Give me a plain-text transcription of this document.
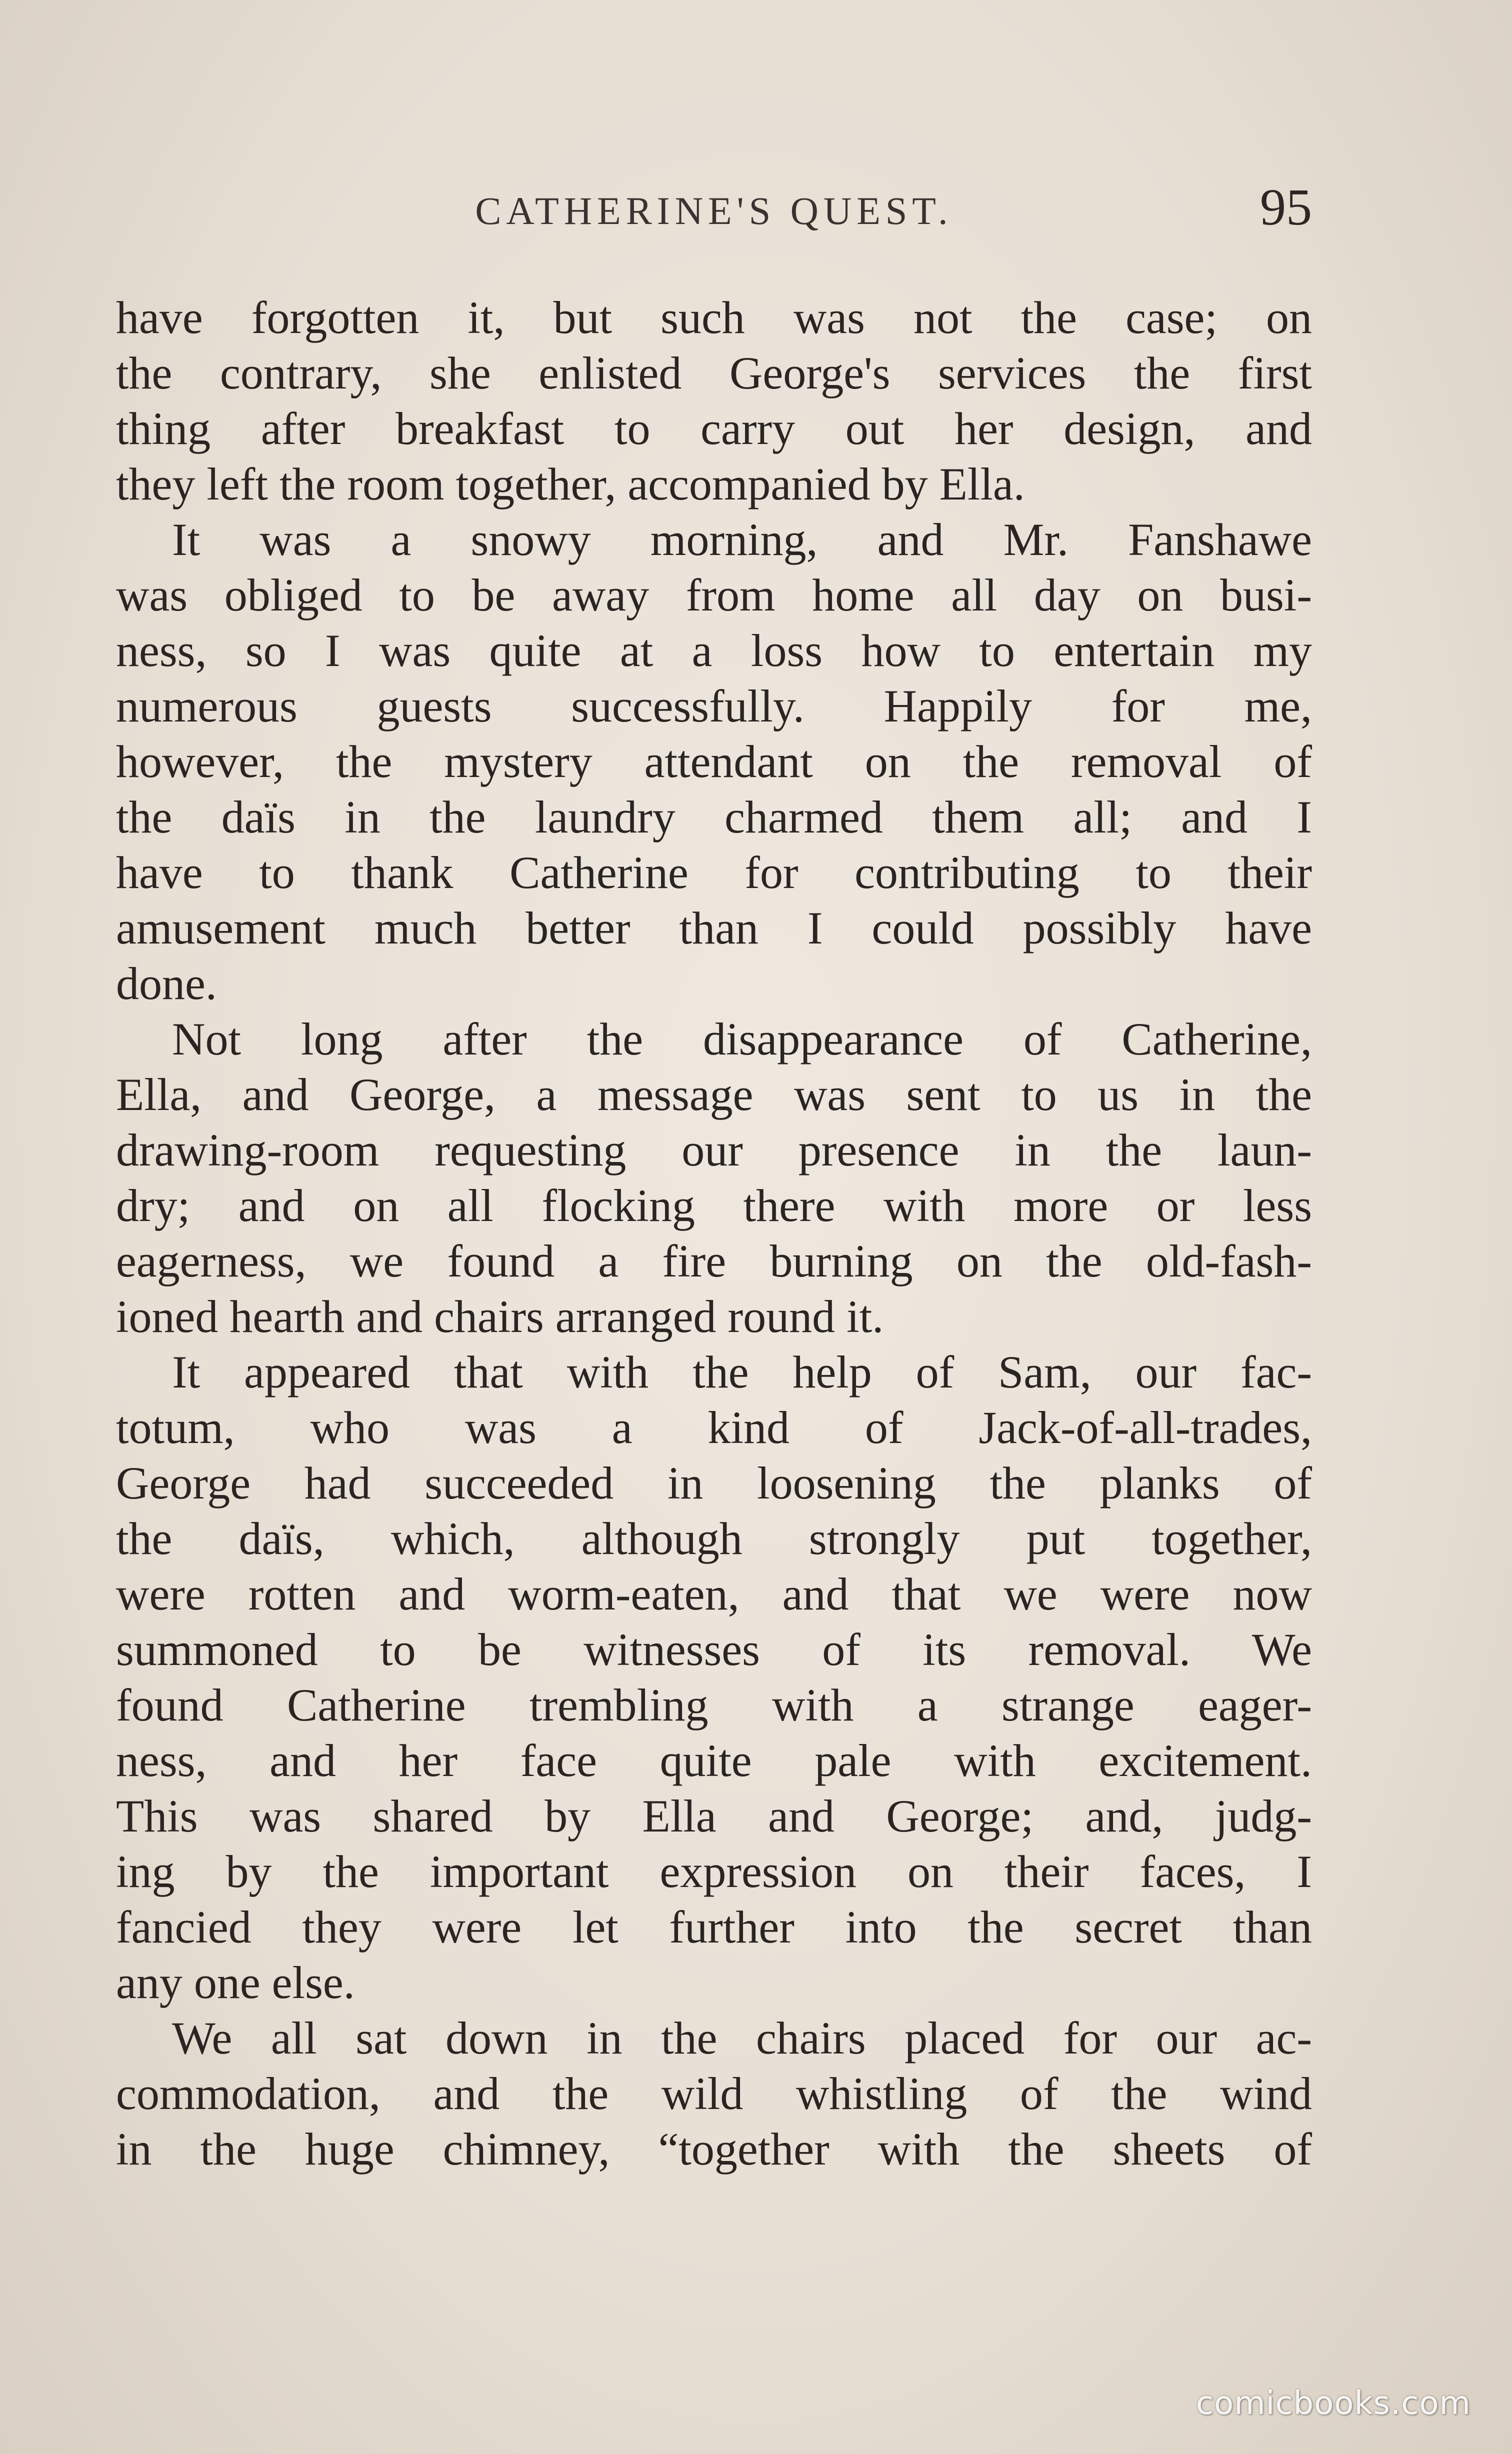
CATHERINE'S QUEST.	95
have forgotten it, but such was not the case; on
the contrary, she enlisted George's services the first
thing after breakfast to carry out her design, and
they left the room together, accompanied by Ella.
It was a snowy morning, and Mr. Fanshawe
was obliged to be away from home all day on busi-
ness, so I was quite at a loss how to entertain my
numerous guests successfully. Happily for me,
however, the mystery attendant on the removal of
the daïs in the laundry charmed them all; and I
have to thank Catherine for contributing to their
amusement much better than I could possibly have
done.
Not long after the disappearance of Catherine,
Ella, and George, a message was sent to us in the
drawing-room requesting our presence in the laun-
dry; and on all flocking there with more or less
eagerness, we found a fire burning on the old-fash-
ioned hearth and chairs arranged round it.
It appeared that with the help of Sam, our fac-
totum, who was a kind of Jack-of-all-trades,
George had succeeded in loosening the planks of
the daïs, which, although strongly put together,
were rotten and worm-eaten, and that we were now
summoned to be witnesses of its removal. We
found Catherine trembling with a strange eager-
ness, and her face quite pale with excitement.
This was shared by Ella and George; and, judg-
ing by the important expression on their faces, I
fancied they were let further into the secret than
any one else.
We all sat down in the chairs placed for our ac-
commodation, and the wild whistling of the wind
in the huge chimney, “together with the sheets of
comicbooks.com
